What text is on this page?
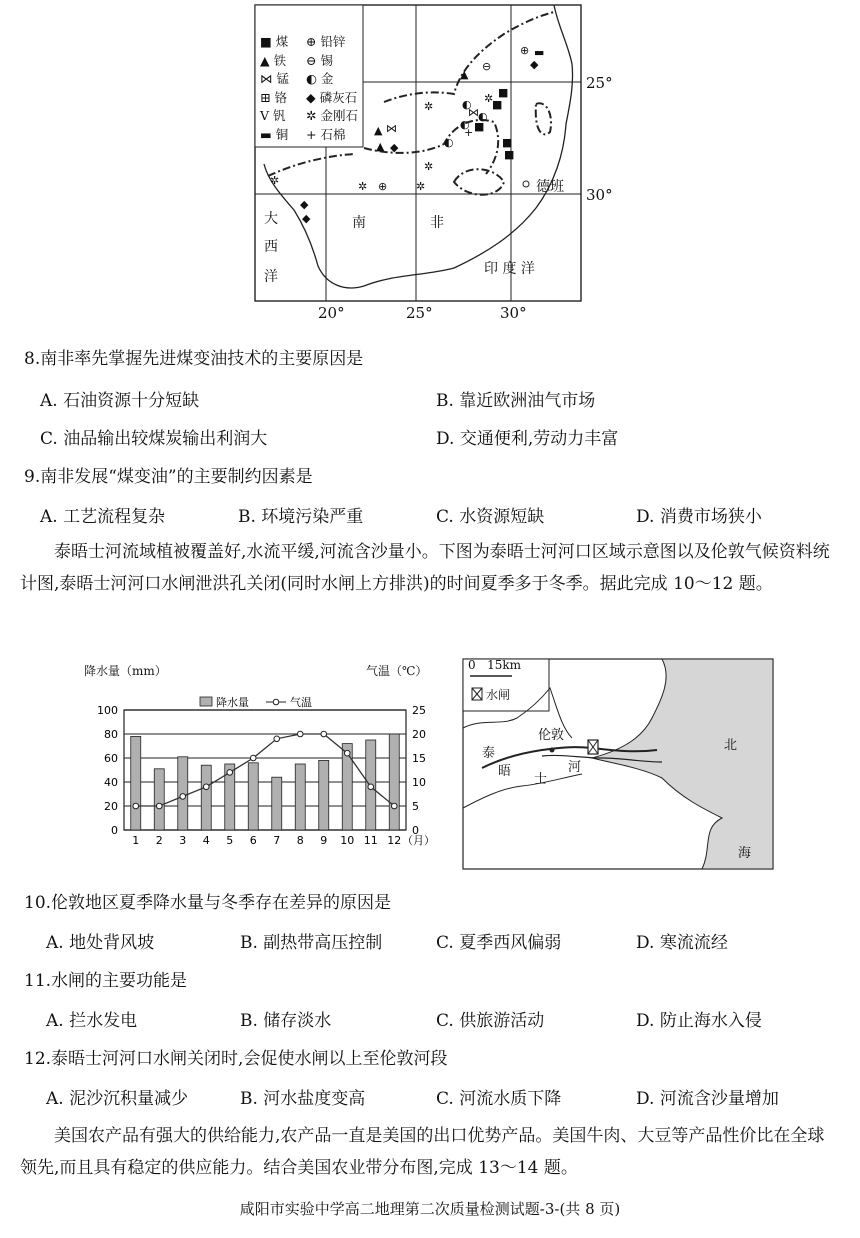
▲ ⋈
▲ ◆
▲
⊖
⊕ ▬
◆
◐
⋈ ◐
■
◐
+ ■
◐	■
■
■
⊕
◆
◆
✲
✲
✲
✲
✲
✲
■ 煤	⊕ 铅锌
▲ 铁	⊖ 锡
⋈ 锰	◐ 金
⊞ 铬	◆ 磷灰石
V 钒	✲ 金刚石
▬ 铜	+ 石棉
25°
30°
德班
大
西
洋
南	非
印 度 洋
20°	25°	30°
8.南非率先掌握先进煤变油技术的主要原因是
A. 石油资源十分短缺	B. 靠近欧洲油气市场
C. 油品输出较煤炭输出利润大	D. 交通便利,劳动力丰富
9.南非发展“煤变油”的主要制约因素是
A. 工艺流程复杂	B. 环境污染严重	C. 水资源短缺	D. 消费市场狭小
泰晤士河流域植被覆盖好,水流平缓,河流含沙量小。下图为泰晤士河河口区域示意图以及伦敦气候资料统计图,泰晤士河河口水闸泄洪孔关闭(同时水闸上方排洪)的时间夏季多于冬季。据此完成 10～12 题。
降水量（mm）	气温（℃）
0
20
40
60
80
100
0
5
10
15
20
25
1 2 3 4 5 6 7 8 9 10 11 12 （月）
降水量	气温
0   15km
水闸
伦敦
河
泰
晤
士
北
海
10.伦敦地区夏季降水量与冬季存在差异的原因是
A. 地处背风坡	B. 副热带高压控制	C. 夏季西风偏弱	D. 寒流流经
11.水闸的主要功能是
A. 拦水发电	B. 储存淡水	C. 供旅游活动	D. 防止海水入侵
12.泰晤士河河口水闸关闭时,会促使水闸以上至伦敦河段
A. 泥沙沉积量减少	B. 河水盐度变高	C. 河流水质下降	D. 河流含沙量增加
美国农产品有强大的供给能力,农产品一直是美国的出口优势产品。美国牛肉、大豆等产品性价比在全球领先,而且具有稳定的供应能力。结合美国农业带分布图,完成 13～14 题。
咸阳市实验中学高二地理第二次质量检测试题-3-(共 8 页)
